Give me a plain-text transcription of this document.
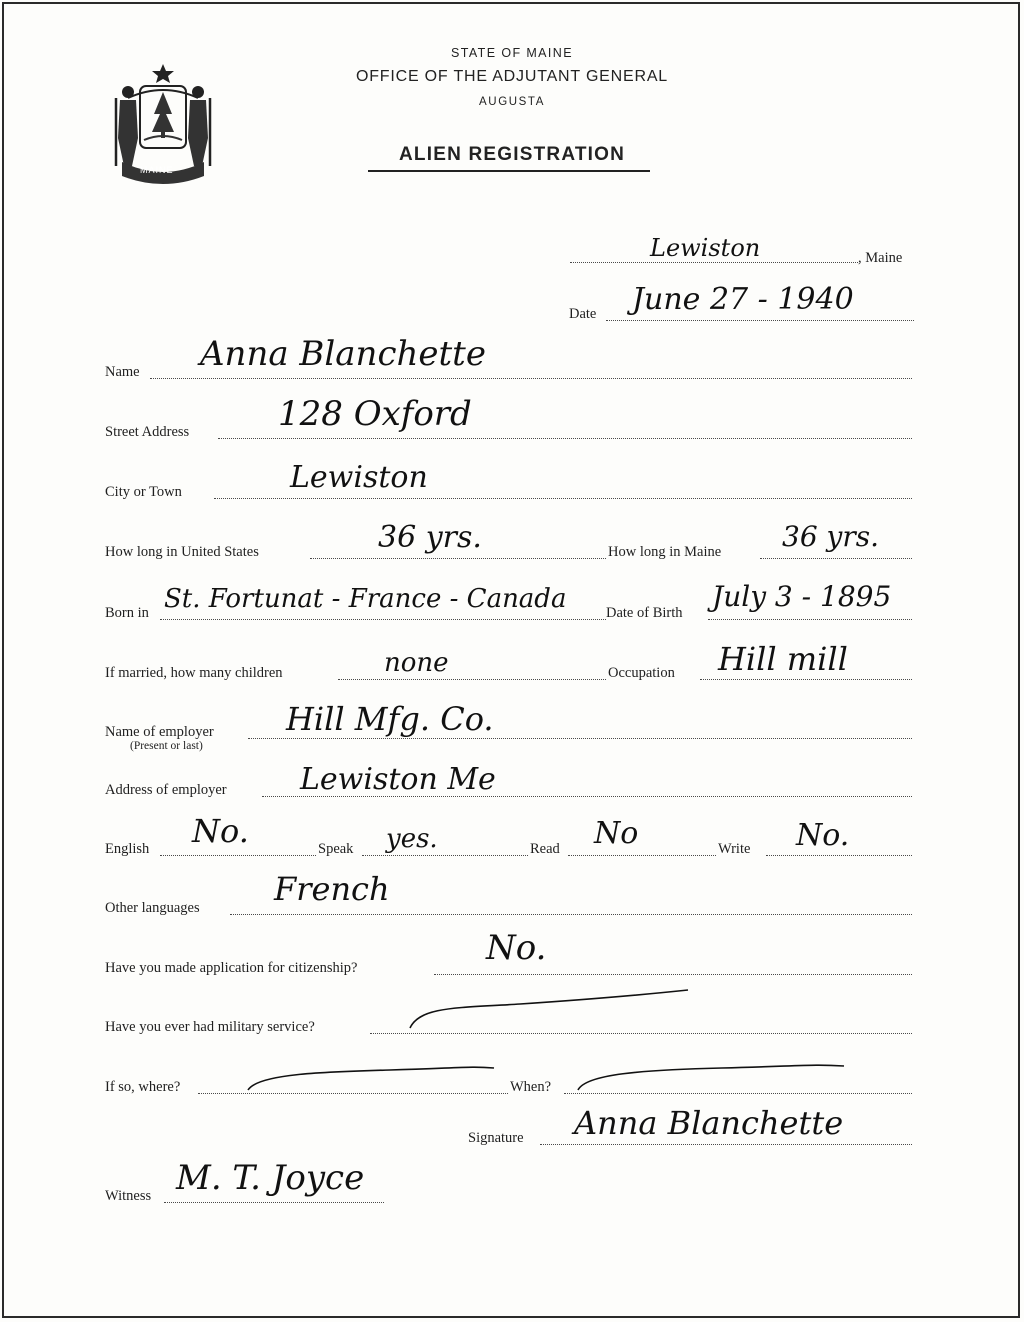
MAINE
STATE OF MAINE
OFFICE OF THE ADJUTANT GENERAL
AUGUSTA
ALIEN REGISTRATION
Lewiston	, Maine
Date June 27 - 1940
Name Anna Blanchette
Street Address	128 Oxford
City or Town	Lewiston
How long in United States	36 yrs.	How long in Maine 36 yrs.
Born in St. Fortunat - France - Canada	Date of Birth July 3 - 1895
If married, how many children	none	Occupation Hill mill
Name of employer
(Present or last)
Hill Mfg. Co.
Address of employer Lewiston Me
English No.	Speak yes.	Read No	Write No.
Other languages French
Have you made application for citizenship?	No.
Have you ever had military service?
If so, where?	When?
Signature Anna Blanchette
Witness M. T. Joyce
